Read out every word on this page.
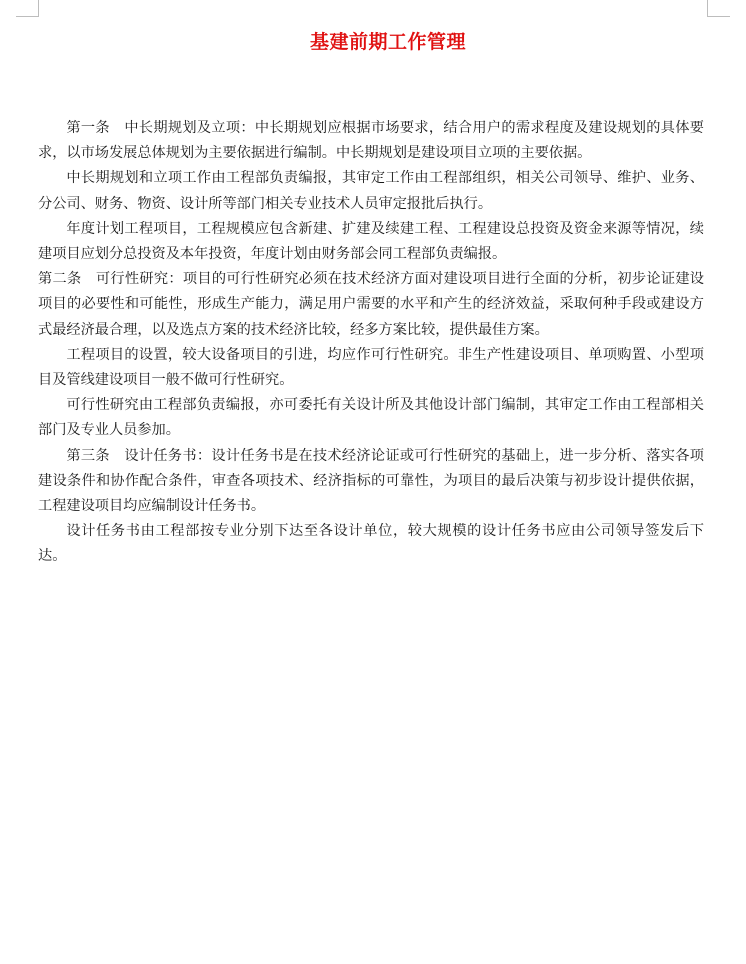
基建前期工作管理

第一条　中长期规划及立项：中长期规划应根据市场要求，结合用户的需求程度及建设规划的具体要求，以市场发展总体规划为主要依据进行编制。中长期规划是建设项目立项的主要依据。

中长期规划和立项工作由工程部负责编报，其审定工作由工程部组织，相关公司领导、维护、业务、分公司、财务、物资、设计所等部门相关专业技术人员审定报批后执行。

年度计划工程项目，工程规模应包含新建、扩建及续建工程、工程建设总投资及资金来源等情况，续建项目应划分总投资及本年投资，年度计划由财务部会同工程部负责编报。

第二条　可行性研究：项目的可行性研究必须在技术经济方面对建设项目进行全面的分析，初步论证建设项目的必要性和可能性，形成生产能力，满足用户需要的水平和产生的经济效益，采取何种手段或建设方式最经济最合理，以及选点方案的技术经济比较，经多方案比较，提供最佳方案。

工程项目的设置，较大设备项目的引进，均应作可行性研究。非生产性建设项目、单项购置、小型项目及管线建设项目一般不做可行性研究。

可行性研究由工程部负责编报，亦可委托有关设计所及其他设计部门编制，其审定工作由工程部相关部门及专业人员参加。

第三条　设计任务书：设计任务书是在技术经济论证或可行性研究的基础上，进一步分析、落实各项建设条件和协作配合条件，审查各项技术、经济指标的可靠性，为项目的最后决策与初步设计提供依据，工程建设项目均应编制设计任务书。

设计任务书由工程部按专业分别下达至各设计单位，较大规模的设计任务书应由公司领导签发后下达。
